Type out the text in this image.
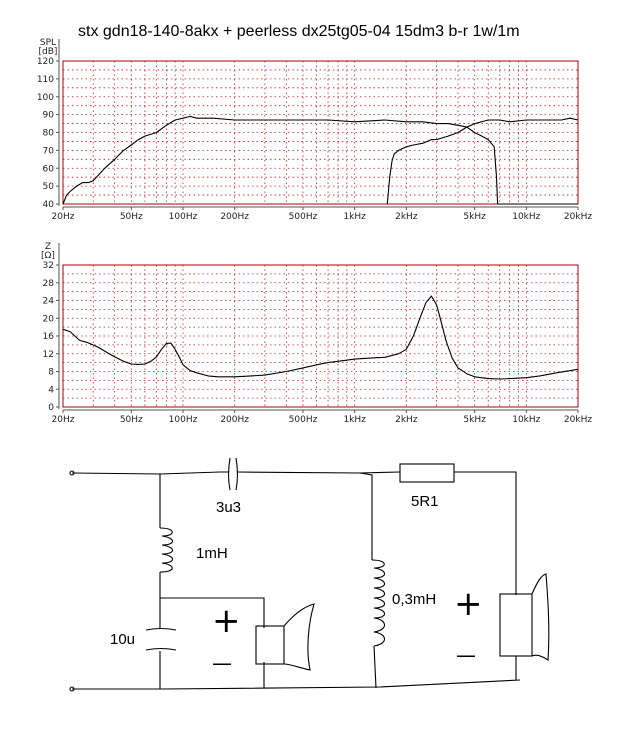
stx gdn18-140-8akx + peerless dx25tg05-04 15dm3 b-r 1w/1m
40
50
60
70
80
90
100
110
120
20Hz	50Hz	100Hz	200Hz	500Hz	1kHz	2kHz	5kHz	10kHz	20kHz
SPL
[dB]
0
4
8
12
16
20
24
28
32
20Hz	50Hz	100Hz	200Hz	500Hz	1kHz	2kHz	5kHz	10kHz	20kHz
Z
[Ω]
+
—
+
—
3u3	5R1
1mH
0,3mH
10u
